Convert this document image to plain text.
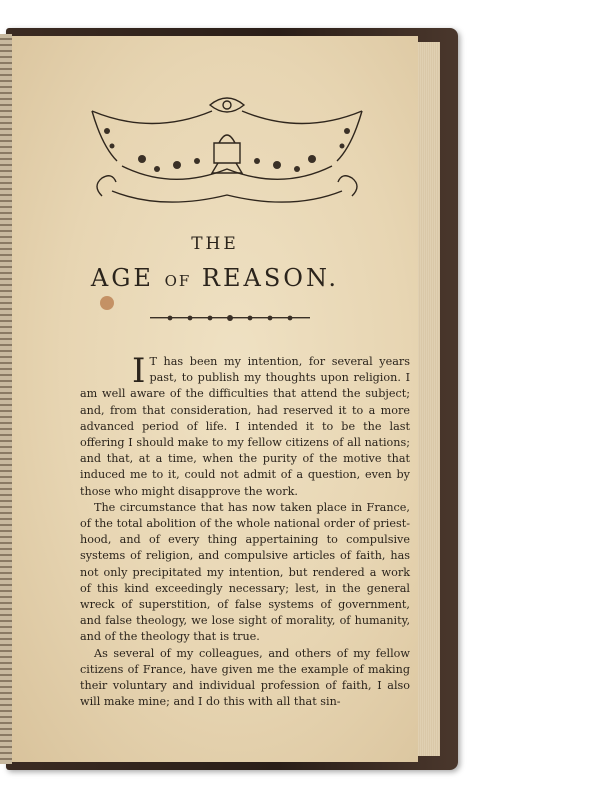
THE
AGE OF REASON.
I T has been my intention, for several years past, to publish my thoughts upon religion. I am well aware of the difficulties that attend the subject; and, from that consideration, had reserved it to a more advanced period of life. I intended it to be the last offering I should make to my fellow citizens of all nations; and that, at a time, when the purity of the motive that induced me to it, could not admit of a question, even by those who might disapprove the work.

The circumstance that has now taken place in France, of the total abolition of the whole national order of priest-hood, and of every thing appertaining to compulsive systems of religion, and compulsive articles of faith, has not only precipitated my intention, but rendered a work of this kind exceedingly necessary; lest, in the general wreck of superstition, of false systems of government, and false theology, we lose sight of morality, of humanity, and of the theology that is true.

As several of my colleagues, and others of my fellow citizens of France, have given me the example of making their voluntary and individual profession of faith, I also will make mine; and I do this with all that sin-
